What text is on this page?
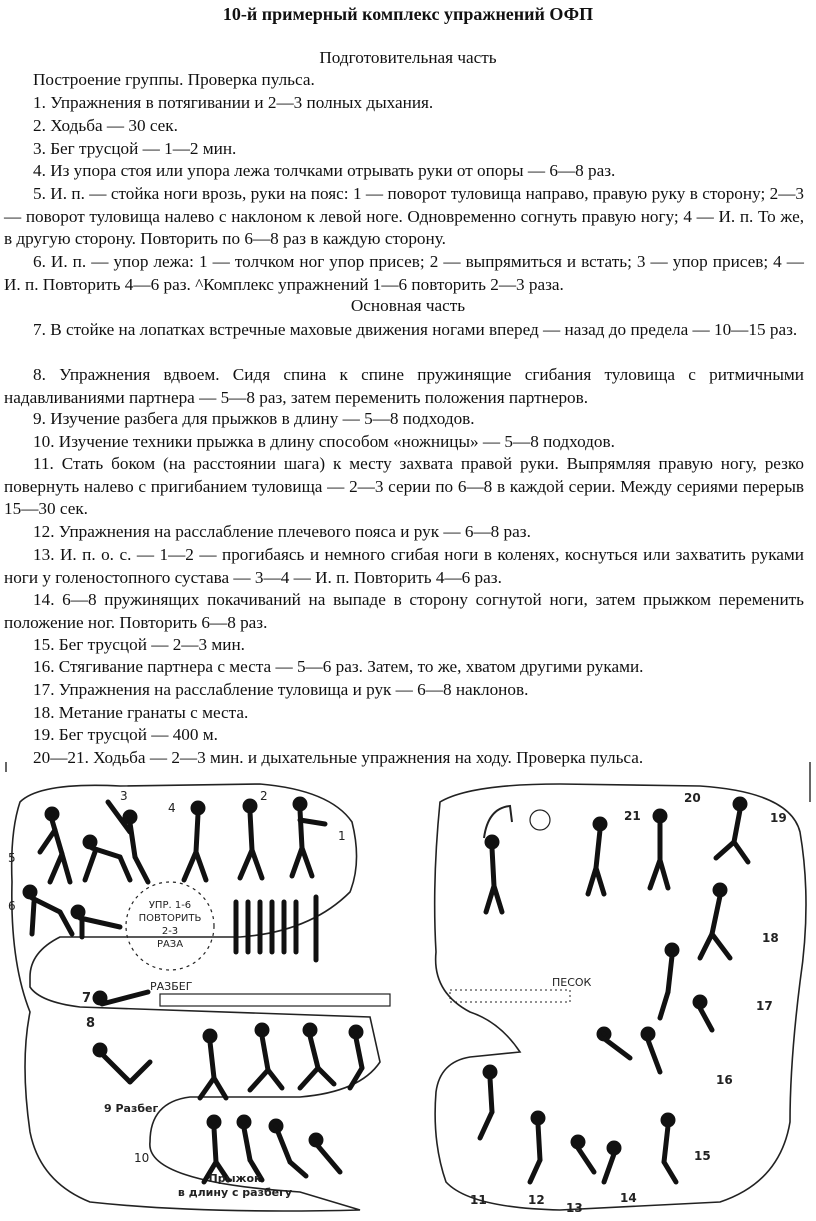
10-й примерный комплекс упражнений ОФП
Подготовительная часть
Построение группы. Проверка пульса.
1. Упражнения в потягивании и 2—3 полных дыхания.
2. Ходьба — 30 сек.
3. Бег трусцой — 1—2 мин.
4. Из упора стоя или упора лежа толчками отрывать руки от опоры — 6—8 раз.
5. И. п. — стойка ноги врозь, руки на пояс: 1 — поворот туловища направо, правую руку в сторону; 2—3 — поворот туловища налево с наклоном к левой ноге. Одновременно согнуть правую ногу; 4 — И. п. То же, в другую сторону. Повторить по 6—8 раз в каждую сторону.
6. И. п. — упор лежа: 1 — толчком ног упор присев; 2 — выпрямиться и встать; 3 — упор присев; 4 — И. п. Повторить 4—6 раз. ^Комплекс упражнений 1—6 повторить 2—3 раза.
Основная часть
7. В стойке на лопатках встречные маховые движения ногами вперед — назад до предела — 10—15 раз.
8. Упражнения вдвоем. Сидя спина к спине пружинящие сгибания туловища с ритмичными надавливаниями партнера — 5—8 раз, затем переменить положения партнеров.
9. Изучение разбега для прыжков в длину — 5—8 подходов.
10. Изучение техники прыжка в длину способом «ножницы» — 5—8 подходов.
11. Стать боком (на расстоянии шага) к месту захвата правой руки. Выпрямляя правую ногу, резко повернуть налево с пригибанием туловища — 2—3 серии по 6—8 в каждой серии. Между сериями перерыв 15—30 сек.
12. Упражнения на расслабление плечевого пояса и рук — 6—8 раз.
13. И. п. о. с. — 1—2 — прогибаясь и немного сгибая ноги в коленях, коснуться или захватить руками ноги у голеностопного сустава — 3—4 — И. п. Повторить 4—6 раз.
14. 6—8 пружинящих покачиваний на выпаде в сторону согнутой ноги, затем прыжком переменить положение ног. Повторить 6—8 раз.
15. Бег трусцой — 2—3 мин.
16. Стягивание партнера с места — 5—6 раз. Затем, то же, хватом другими руками.
17. Упражнения на расслабление туловища и рук — 6—8 наклонов.
18. Метание гранаты с места.
19. Бег трусцой — 400 м.
20—21. Ходьба — 2—3 мин. и дыхательные упражнения на ходу. Проверка пульса.
УПР. 1-6
ПОВТОРИТЬ
2-3
РАЗА
РАЗБЕГ
9 Разбег
Прыжок
в длину с разбегу
1
2
3
4
5
6
7
8
10
ПЕСОК
11	12
13
14
15
16
17
18
19
20
21
